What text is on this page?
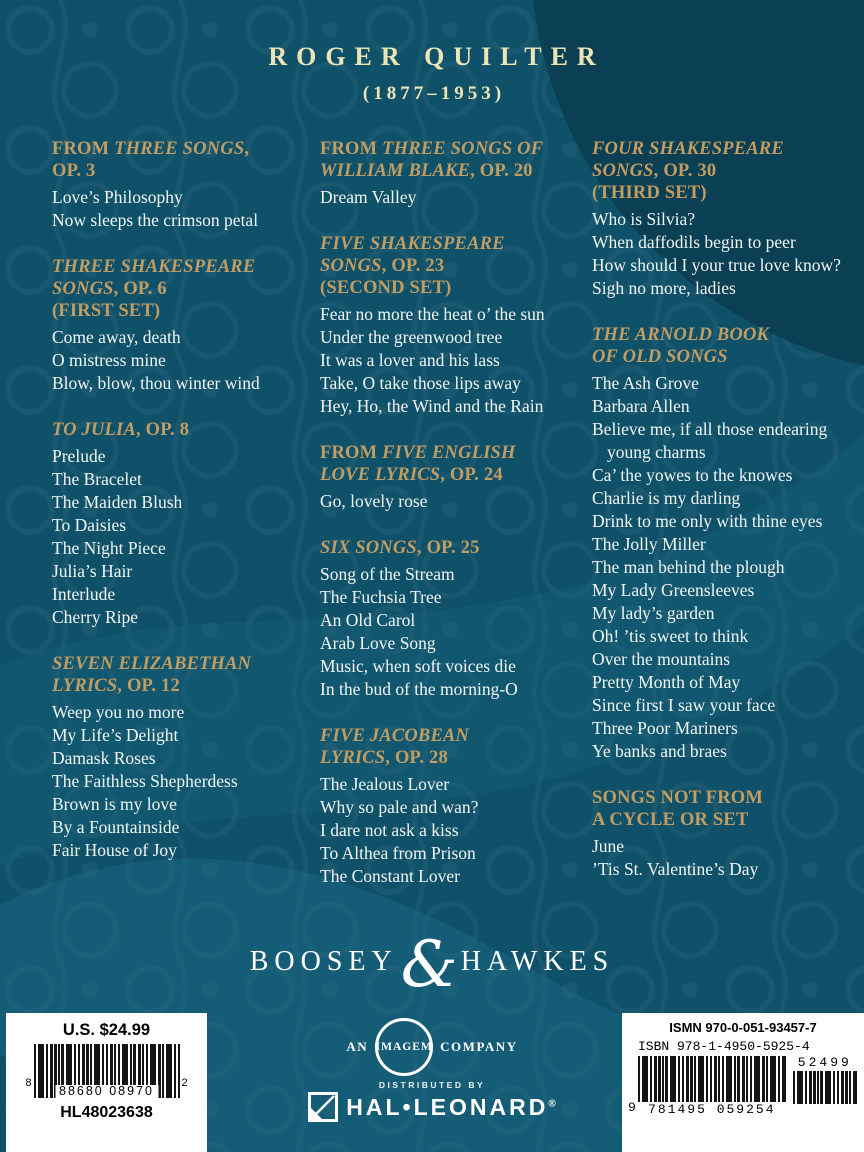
ROGER QUILTER
(1877–1953)
FROM THREE SONGS,
OP. 3
Love’s Philosophy
Now sleeps the crimson petal
THREE SHAKESPEARE
SONGS, OP. 6
(FIRST SET)
Come away, death
O mistress mine
Blow, blow, thou winter wind
TO JULIA, OP. 8
Prelude
The Bracelet
The Maiden Blush
To Daisies
The Night Piece
Julia’s Hair
Interlude
Cherry Ripe
SEVEN ELIZABETHAN
LYRICS, OP. 12
Weep you no more
My Life’s Delight
Damask Roses
The Faithless Shepherdess
Brown is my love
By a Fountainside
Fair House of Joy
FROM THREE SONGS OF
WILLIAM BLAKE, OP. 20
Dream Valley
FIVE SHAKESPEARE
SONGS, OP. 23
(SECOND SET)
Fear no more the heat o’ the sun
Under the greenwood tree
It was a lover and his lass
Take, O take those lips away
Hey, Ho, the Wind and the Rain
FROM FIVE ENGLISH
LOVE LYRICS, OP. 24
Go, lovely rose
SIX SONGS, OP. 25
Song of the Stream
The Fuchsia Tree
An Old Carol
Arab Love Song
Music, when soft voices die
In the bud of the morning-O
FIVE JACOBEAN
LYRICS, OP. 28
The Jealous Lover
Why so pale and wan?
I dare not ask a kiss
To Althea from Prison
The Constant Lover
FOUR SHAKESPEARE
SONGS, OP. 30
(THIRD SET)
Who is Silvia?
When daffodils begin to peer
How should I your true love know?
Sigh no more, ladies
THE ARNOLD BOOK
OF OLD SONGS
The Ash Grove
Barbara Allen
Believe me, if all those endearing young charms
Ca’ the yowes to the knowes
Charlie is my darling
Drink to me only with thine eyes
The Jolly Miller
The man behind the plough
My Lady Greensleeves
My lady’s garden
Oh! ’tis sweet to think
Over the mountains
Pretty Month of May
Since first I saw your face
Three Poor Mariners
Ye banks and braes
SONGS NOT FROM
A CYCLE OR SET
June
’Tis St. Valentine’s Day
BOOSEY & HAWKES
AN IMAGEM COMPANY
DISTRIBUTED BY
HAL•LEONARD®
U.S. $24.99
8
88680 08970
2
HL48023638
ISMN 970-0-051-93457-7
ISBN 978-1-4950-5925-4
9 781495 059254
52499
